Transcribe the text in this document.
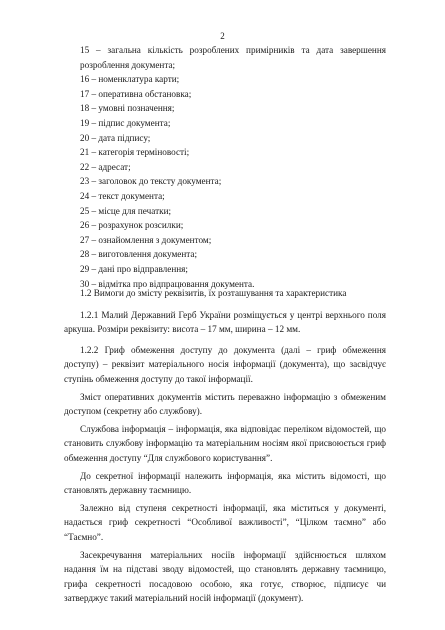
2
15 – загальна кількість розроблених примірників та дата завершення розроблення документа;
16 – номенклатура карти;
17 – оперативна обстановка;
18 – умовні позначення;
19 – підпис документа;
20 – дата підпису;
21 – категорія терміновості;
22 – адресат;
23 – заголовок до тексту документа;
24 – текст документа;
25 – місце для печатки;
26 – розрахунок розсилки;
27 – ознайомлення з документом;
28 – виготовлення документа;
29 – дані про відправлення;
30 – відмітка про відпрацювання документа.
1.2 Вимоги до змісту реквізитів, їх розташування та характеристика
1.2.1 Малий Державний Герб України розміщується у центрі верхнього поля аркуша. Розміри реквізиту: висота – 17 мм, ширина – 12 мм.
1.2.2 Гриф обмеження доступу до документа (далі – гриф обмеження доступу) – реквізит матеріального носія інформації (документа), що засвідчує ступінь обмеження доступу до такої інформації.
Зміст оперативних документів містить переважно інформацію з обмеженим доступом (секретну або службову).
Службова інформація – інформація, яка відповідає переліком відомостей, що становить службову інформацію та матеріальним носіям якої присвоюється гриф обмеження доступу “Для службового користування”.
До секретної інформації належить інформація, яка містить відомості, що становлять державну таємницю.
Залежно від ступеня секретності інформації, яка міститься у документі, надається гриф секретності “Особливої важливості”, “Цілком таємно” або “Таємно”.
Засекречування матеріальних носіїв інформації здійснюється шляхом надання їм на підставі зводу відомостей, що становлять державну таємницю, грифа секретності посадовою особою, яка готує, створює, підписує чи затверджує такий матеріальний носій інформації (документ).
